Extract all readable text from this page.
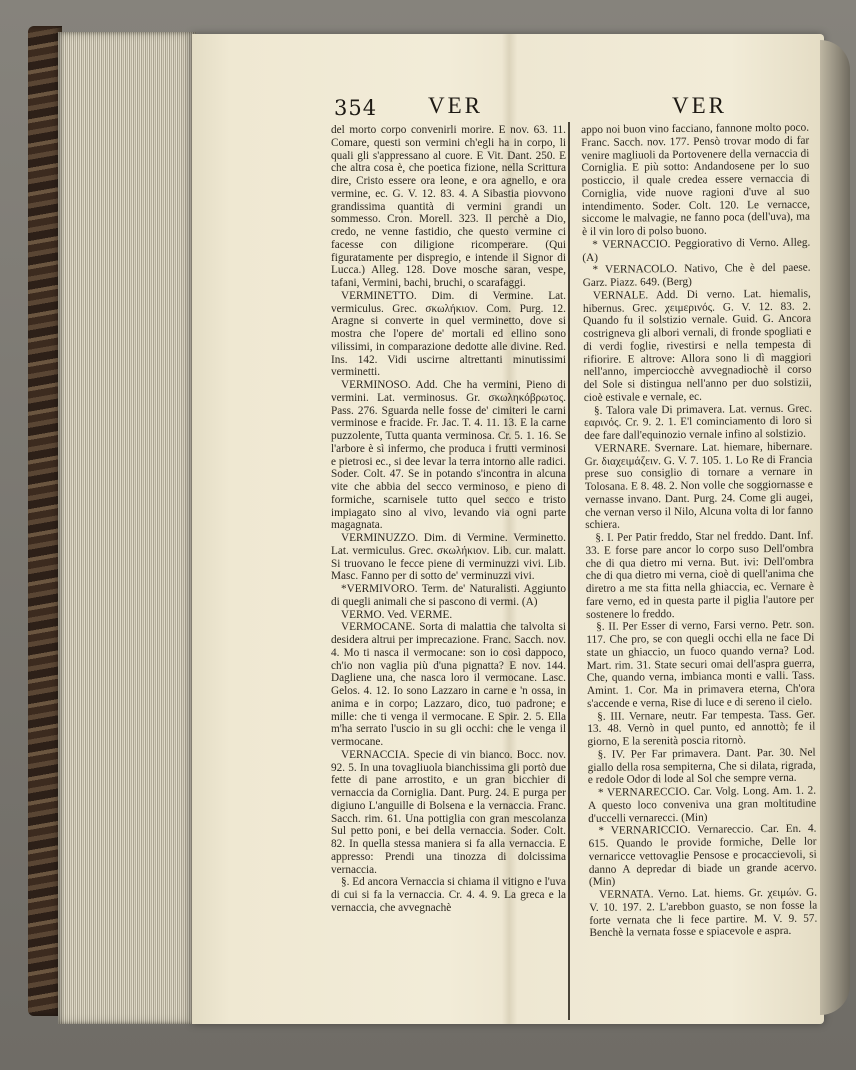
354 VER	VER

del morto corpo convenirli morire. E nov. 63. 11. Comare, questi son vermini ch'egli ha in corpo, li quali gli s'appressano al cuore. E Vit. Dant. 250. E che altra cosa è, che poetica fizione, nella Scrittura dire, Cristo essere ora leone, e ora agnello, e ora vermine, ec. G. V. 12. 83. 4. A Sibastia piovvono grandissima quantità di vermini grandi un sommesso. Cron. Morell. 323. Il perchè a Dio, credo, ne venne fastidio, che questo vermine ci facesse con diligione ricomperare. (Qui figuratamente per dispregio, e intende il Signor di Lucca.) Alleg. 128. Dove mosche saran, vespe, tafani, Vermini, bachi, bruchi, o scarafaggi.

VERMINETTO. Dim. di Vermine. Lat. vermiculus. Grec. σκωλήκιον. Com. Purg. 12. Aragne si converte in quel verminetto, dove si mostra che l'opere de' mortali ed ellino sono vilissimi, in comparazione dedotte alle divine. Red. Ins. 142. Vidi uscirne altrettanti minutissimi verminetti.

VERMINOSO. Add. Che ha vermini, Pieno di vermini. Lat. verminosus. Gr. σκωληκόβρωτος. Pass. 276. Sguarda nelle fosse de' cimiteri le carni verminose e fracide. Fr. Jac. T. 4. 11. 13. E la carne puzzolente, Tutta quanta verminosa. Cr. 5. 1. 16. Se l'arbore è sì infermo, che produca i frutti verminosi e pietrosi ec., si dee levar la terra intorno alle radici. Soder. Colt. 47. Se in potando s'incontra in alcuna vite che abbia del secco verminoso, e pieno di formiche, scarnisele tutto quel secco e tristo impiagato sino al vivo, levando via ogni parte magagnata.

VERMINUZZO. Dim. di Vermine. Verminetto. Lat. vermiculus. Grec. σκωλήκιον. Lib. cur. malatt. Si truovano le fecce piene di verminuzzi vivi. Lib. Masc. Fanno per di sotto de' verminuzzi vivi.

*VERMIVORO. Term. de' Naturalisti. Aggiunto di quegli animali che si pascono di vermi. (A)

VERMO. Ved. VERME.

VERMOCANE. Sorta di malattia che talvolta si desidera altrui per imprecazione. Franc. Sacch. nov. 4. Mo ti nasca il vermocane: son io così dappoco, ch'io non vaglia più d'una pignatta? E nov. 144. Dagliene una, che nasca loro il vermocane. Lasc. Gelos. 4. 12. Io sono Lazzaro in carne e 'n ossa, in anima e in corpo; Lazzaro, dico, tuo padrone; e mille: che ti venga il vermocane. E Spir. 2. 5. Ella m'ha serrato l'uscio in su gli occhi: che le venga il vermocane.

VERNACCIA. Specie di vin bianco. Bocc. nov. 92. 5. In una tovagliuola bianchissima gli portò due fette di pane arrostito, e un gran bicchier di vernaccia da Corniglia. Dant. Purg. 24. E purga per digiuno L'anguille di Bolsena e la vernaccia. Franc. Sacch. rim. 61. Una pottiglia con gran mescolanza Sul petto poni, e bei della vernaccia. Soder. Colt. 82. In quella stessa maniera si fa alla vernaccia. E appresso: Prendi una tinozza di dolcissima vernaccia.

§. Ed ancora Vernaccia si chiama il vitigno e l'uva di cui si fa la vernaccia. Cr. 4. 4. 9. La greca e la vernaccia, che avvegnachè

appo noi buon vino facciano, fannone molto poco. Franc. Sacch. nov. 177. Pensò trovar modo di far venire magliuoli da Portovenere della vernaccia di Corniglia. E più sotto: Andandosene per lo suo posticcio, il quale credea essere vernaccia di Corniglia, vide nuove ragioni d'uve al suo intendimento. Soder. Colt. 120. Le vernacce, siccome le malvagie, ne fanno poca (dell'uva), ma è il vin loro di polso buono.

* VERNACCIO. Peggiorativo di Verno. Alleg. (A)

* VERNACOLO. Nativo, Che è del paese. Garz. Piazz. 649. (Berg)

VERNALE. Add. Di verno. Lat. hiemalis, hibernus. Grec. χειμερινός. G. V. 12. 83. 2. Quando fu il solstizio vernale. Guid. G. Ancora costrigneva gli albori vernali, di fronde spogliati e di verdi foglie, rivestirsi e nella tempesta di rifiorire. E altrove: Allora sono li dì maggiori nell'anno, imperciocchè avvegnadiochè il corso del Sole si distingua nell'anno per duo solstizii, cioè estivale e vernale, ec.

§. Talora vale Di primavera. Lat. vernus. Grec. εαρινός. Cr. 9. 2. 1. E'l cominciamento di loro si dee fare dall'equinozio vernale infino al solstizio.

VERNARE. Svernare. Lat. hiemare, hibernare. Gr. διαχειμάζειν. G. V. 7. 105. 1. Lo Re di Francia prese suo consiglio di tornare a vernare in Tolosana. E 8. 48. 2. Non volle che soggiornasse e vernasse invano. Dant. Purg. 24. Come gli augei, che vernan verso il Nilo, Alcuna volta di lor fanno schiera.

§. I. Per Patir freddo, Star nel freddo. Dant. Inf. 33. E forse pare ancor lo corpo suso Dell'ombra che di qua dietro mi verna. But. ivi: Dell'ombra che di qua dietro mi verna, cioè di quell'anima che diretro a me sta fitta nella ghiaccia, ec. Vernare è fare verno, ed in questa parte il piglia l'autore per sostenere lo freddo.

§. II. Per Esser di verno, Farsi verno. Petr. son. 117. Che pro, se con quegli occhi ella ne face Di state un ghiaccio, un fuoco quando verna? Lod. Mart. rim. 31. State securi omai dell'aspra guerra, Che, quando verna, imbianca monti e valli. Tass. Amint. 1. Cor. Ma in primavera eterna, Ch'ora s'accende e verna, Rise di luce e di sereno il cielo.

§. III. Vernare, neutr. Far tempesta. Tass. Ger. 13. 48. Vernò in quel punto, ed annottò; fe il giorno, E la serenità poscia ritornò.

§. IV. Per Far primavera. Dant. Par. 30. Nel giallo della rosa sempiterna, Che si dilata, rigrada, e redole Odor di lode al Sol che sempre verna.

* VERNARECCIO. Car. Volg. Long. Am. 1. 2. A questo loco conveniva una gran moltitudine d'uccelli vernarecci. (Min)

* VERNARICCIO. Vernareccio. Car. En. 4. 615. Quando le provide formiche, Delle lor vernaricce vettovaglie Pensose e procaccievoli, si danno A depredar di biade un grande acervo. (Min)

VERNATA. Verno. Lat. hiems. Gr. χειμών. G. V. 10. 197. 2. L'arebbon guasto, se non fosse la forte vernata che li fece partire. M. V. 9. 57. Benchè la vernata fosse e spiacevole e aspra.
